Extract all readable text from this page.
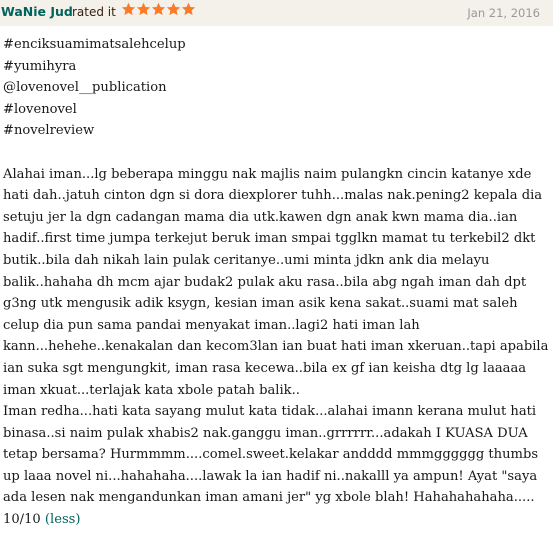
WaNie Jud rated it	Jan 21, 2016
#enciksuamimatsalehcelup
#yumihyra
@lovenovel__publication
#lovenovel
#novelreview

Alahai iman...lg beberapa minggu nak majlis naim pulangkn cincin katanye xde hati dah..jatuh cinton dgn si dora diexplorer tuhh...malas nak.pening2 kepala dia setuju jer la dgn cadangan mama dia utk.kawen dgn anak kwn mama dia..ian hadif..first time jumpa terkejut beruk iman smpai tgglkn mamat tu terkebil2 dkt butik..bila dah nikah lain pulak ceritanye..umi minta jdkn ank dia melayu balik..hahaha dh mcm ajar budak2 pulak aku rasa..bila abg ngah iman dah dpt g3ng utk mengusik adik ksygn, kesian iman asik kena sakat..suami mat saleh celup dia pun sama pandai menyakat iman..lagi2 hati iman lah kann...hehehe..kenakalan dan kecom3lan ian buat hati iman xkeruan..tapi apabila ian suka sgt mengungkit, iman rasa kecewa..bila ex gf ian keisha dtg lg laaaaa iman xkuat...terlajak kata xbole patah balik..
Iman redha...hati kata sayang mulut kata tidak...alahai imann kerana mulut hati binasa..si naim pulak xhabis2 nak.ganggu iman..grrrrrr...adakah I KUASA DUA tetap bersama? Hurmmmm....comel.sweet.kelakar andddd mmmgggggg thumbs up laaa novel ni...hahahaha....lawak la ian hadif ni..nakalll ya ampun! Ayat "saya ada lesen nak mengandunkan iman amani jer" yg xbole blah! Hahahahahaha..... 10/10 (less)
